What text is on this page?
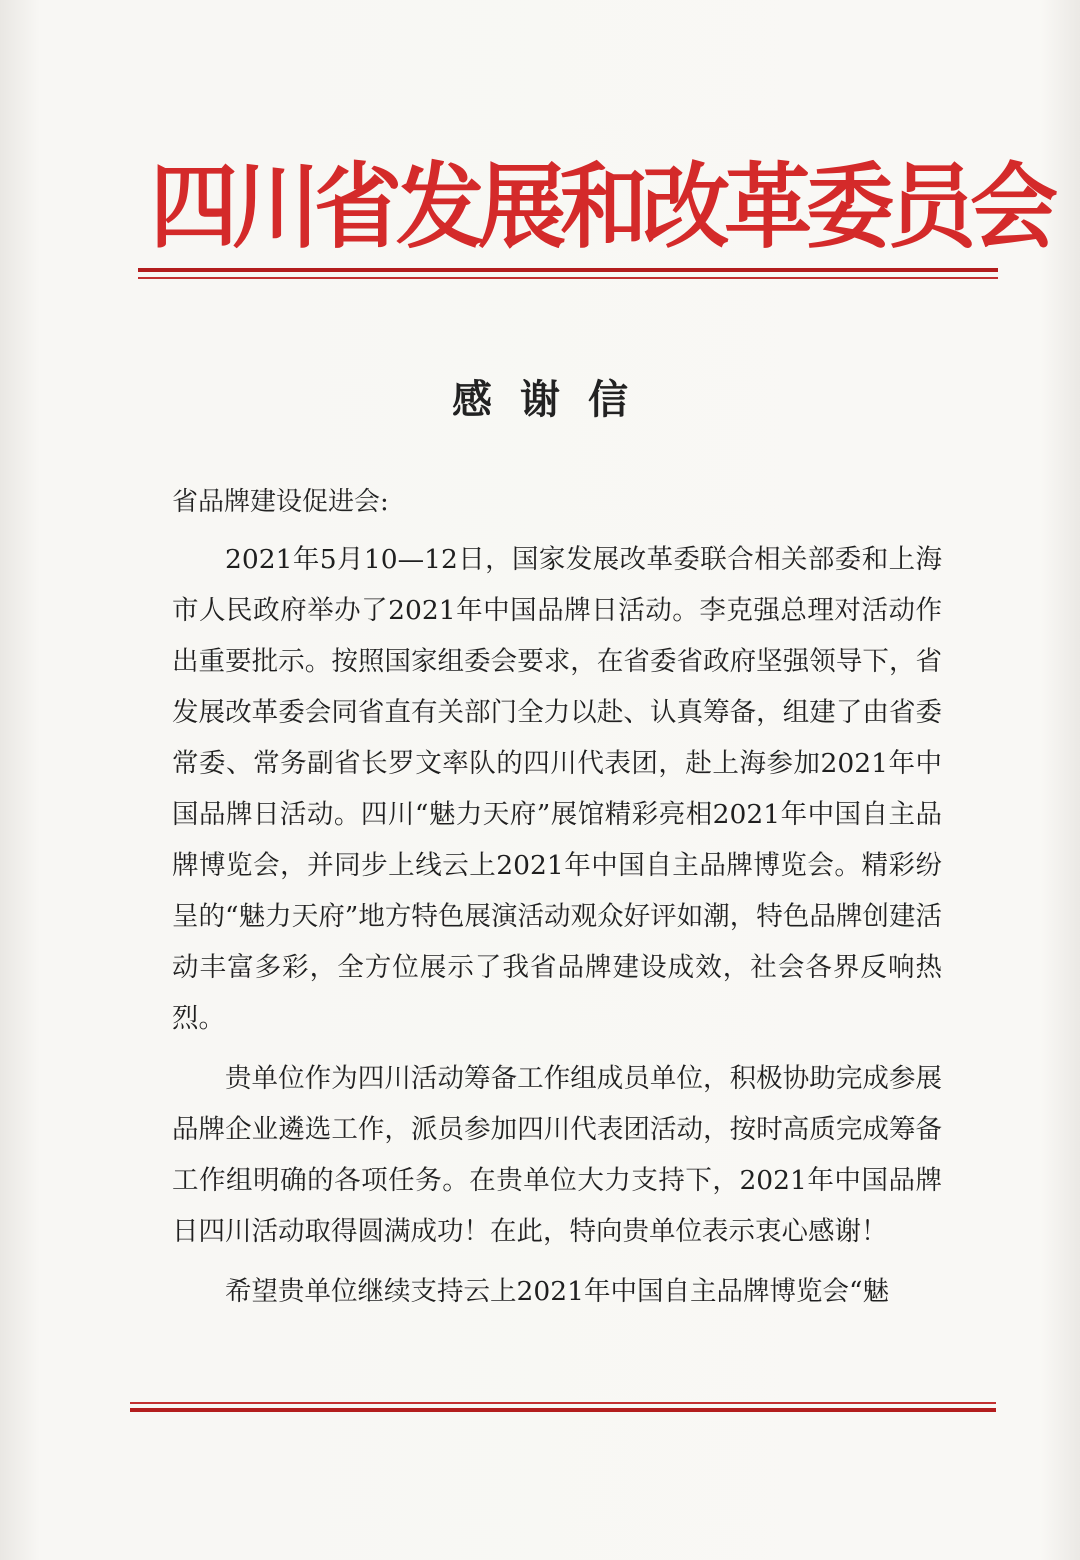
四川省发展和改革委员会
感谢信
省品牌建设促进会:

2021年5月10—12日，国家发展改革委联合相关部委和上海市人民政府举办了2021年中国品牌日活动。李克强总理对活动作出重要批示。按照国家组委会要求，在省委省政府坚强领导下，省发展改革委会同省直有关部门全力以赴、认真筹备，组建了由省委常委、常务副省长罗文率队的四川代表团，赴上海参加2021年中国品牌日活动。四川“魅力天府”展馆精彩亮相2021年中国自主品牌博览会，并同步上线云上2021年中国自主品牌博览会。精彩纷呈的“魅力天府”地方特色展演活动观众好评如潮，特色品牌创建活动丰富多彩，全方位展示了我省品牌建设成效，社会各界反响热烈。

贵单位作为四川活动筹备工作组成员单位，积极协助完成参展品牌企业遴选工作，派员参加四川代表团活动，按时高质完成筹备工作组明确的各项任务。在贵单位大力支持下，2021年中国品牌日四川活动取得圆满成功！在此，特向贵单位表示衷心感谢！

希望贵单位继续支持云上2021年中国自主品牌博览会“魅
